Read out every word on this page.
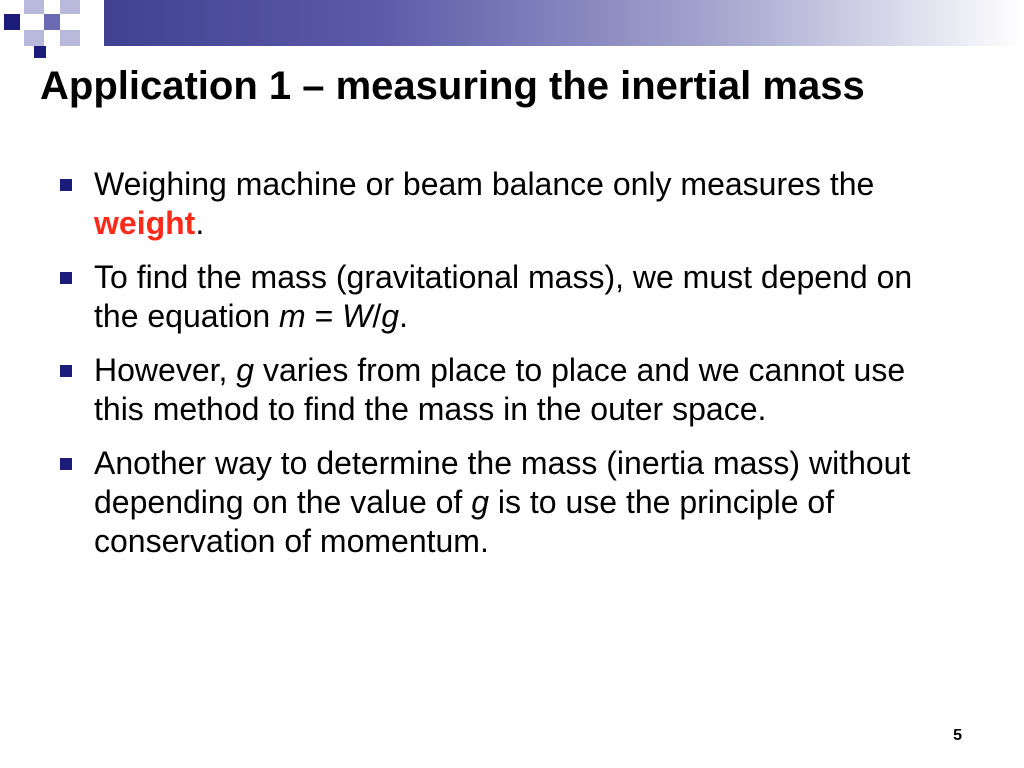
Application 1 – measuring the inertial mass
Weighing machine or beam balance only measures the weight.
To find the mass (gravitational mass), we must depend on the equation m = W/g.
However, g varies from place to place and we cannot use this method to find the mass in the outer space.
Another way to determine the mass (inertia mass) without depending on the value of g is to use the principle of conservation of momentum.
5
